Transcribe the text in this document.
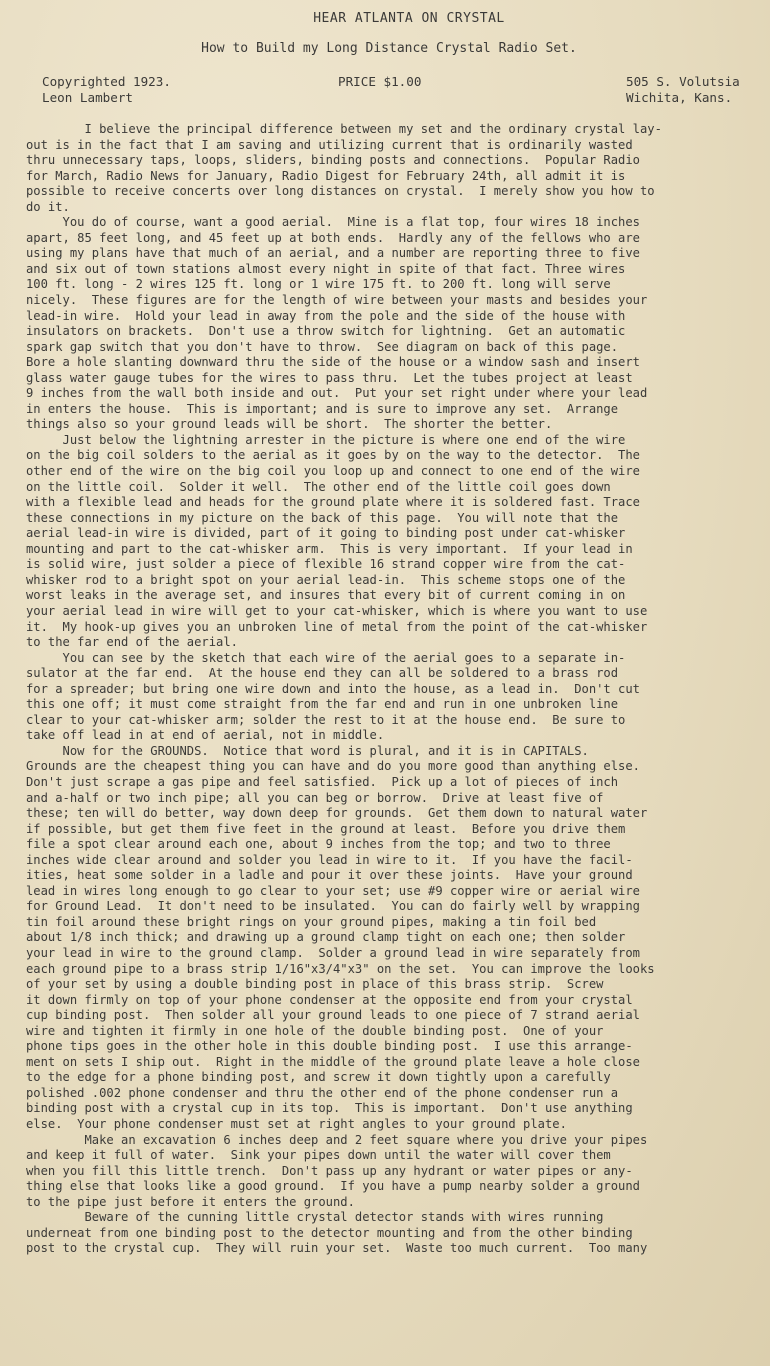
HEAR ATLANTA ON CRYSTAL
How to Build my Long Distance Crystal Radio Set.
Copyrighted 1923.
Leon Lambert
PRICE $1.00	505 S. Volutsia
Wichita, Kans.
I believe the principal difference between my set and the ordinary crystal lay-
out is in the fact that I am saving and utilizing current that is ordinarily wasted
thru unnecessary taps, loops, sliders, binding posts and connections.  Popular Radio
for March, Radio News for January, Radio Digest for February 24th, all admit it is
possible to receive concerts over long distances on crystal.  I merely show you how to
do it.
You do of course, want a good aerial.  Mine is a flat top, four wires 18 inches
apart, 85 feet long, and 45 feet up at both ends.  Hardly any of the fellows who are
using my plans have that much of an aerial, and a number are reporting three to five
and six out of town stations almost every night in spite of that fact. Three wires
100 ft. long - 2 wires 125 ft. long or 1 wire 175 ft. to 200 ft. long will serve
nicely.  These figures are for the length of wire between your masts and besides your
lead-in wire.  Hold your lead in away from the pole and the side of the house with
insulators on brackets.  Don't use a throw switch for lightning.  Get an automatic
spark gap switch that you don't have to throw.  See diagram on back of this page.
Bore a hole slanting downward thru the side of the house or a window sash and insert
glass water gauge tubes for the wires to pass thru.  Let the tubes project at least
9 inches from the wall both inside and out.  Put your set right under where your lead
in enters the house.  This is important; and is sure to improve any set.  Arrange
things also so your ground leads will be short.  The shorter the better.
Just below the lightning arrester in the picture is where one end of the wire
on the big coil solders to the aerial as it goes by on the way to the detector.  The
other end of the wire on the big coil you loop up and connect to one end of the wire
on the little coil.  Solder it well.  The other end of the little coil goes down
with a flexible lead and heads for the ground plate where it is soldered fast. Trace
these connections in my picture on the back of this page.  You will note that the
aerial lead-in wire is divided, part of it going to binding post under cat-whisker
mounting and part to the cat-whisker arm.  This is very important.  If your lead in
is solid wire, just solder a piece of flexible 16 strand copper wire from the cat-
whisker rod to a bright spot on your aerial lead-in.  This scheme stops one of the
worst leaks in the average set, and insures that every bit of current coming in on
your aerial lead in wire will get to your cat-whisker, which is where you want to use
it.  My hook-up gives you an unbroken line of metal from the point of the cat-whisker
to the far end of the aerial.
You can see by the sketch that each wire of the aerial goes to a separate in-
sulator at the far end.  At the house end they can all be soldered to a brass rod
for a spreader; but bring one wire down and into the house, as a lead in.  Don't cut
this one off; it must come straight from the far end and run in one unbroken line
clear to your cat-whisker arm; solder the rest to it at the house end.  Be sure to
take off lead in at end of aerial, not in middle.
Now for the GROUNDS.  Notice that word is plural, and it is in CAPITALS.
Grounds are the cheapest thing you can have and do you more good than anything else.
Don't just scrape a gas pipe and feel satisfied.  Pick up a lot of pieces of inch
and a-half or two inch pipe; all you can beg or borrow.  Drive at least five of
these; ten will do better, way down deep for grounds.  Get them down to natural water
if possible, but get them five feet in the ground at least.  Before you drive them
file a spot clear around each one, about 9 inches from the top; and two to three
inches wide clear around and solder you lead in wire to it.  If you have the facil-
ities, heat some solder in a ladle and pour it over these joints.  Have your ground
lead in wires long enough to go clear to your set; use #9 copper wire or aerial wire
for Ground Lead.  It don't need to be insulated.  You can do fairly well by wrapping
tin foil around these bright rings on your ground pipes, making a tin foil bed
about 1/8 inch thick; and drawing up a ground clamp tight on each one; then solder
your lead in wire to the ground clamp.  Solder a ground lead in wire separately from
each ground pipe to a brass strip 1/16"x3/4"x3" on the set.  You can improve the looks
of your set by using a double binding post in place of this brass strip.  Screw
it down firmly on top of your phone condenser at the opposite end from your crystal
cup binding post.  Then solder all your ground leads to one piece of 7 strand aerial
wire and tighten it firmly in one hole of the double binding post.  One of your
phone tips goes in the other hole in this double binding post.  I use this arrange-
ment on sets I ship out.  Right in the middle of the ground plate leave a hole close
to the edge for a phone binding post, and screw it down tightly upon a carefully
polished .002 phone condenser and thru the other end of the phone condenser run a
binding post with a crystal cup in its top.  This is important.  Don't use anything
else.  Your phone condenser must set at right angles to your ground plate.
Make an excavation 6 inches deep and 2 feet square where you drive your pipes
and keep it full of water.  Sink your pipes down until the water will cover them
when you fill this little trench.  Don't pass up any hydrant or water pipes or any-
thing else that looks like a good ground.  If you have a pump nearby solder a ground
to the pipe just before it enters the ground.
Beware of the cunning little crystal detector stands with wires running
underneat from one binding post to the detector mounting and from the other binding
post to the crystal cup.  They will ruin your set.  Waste too much current.  Too many
